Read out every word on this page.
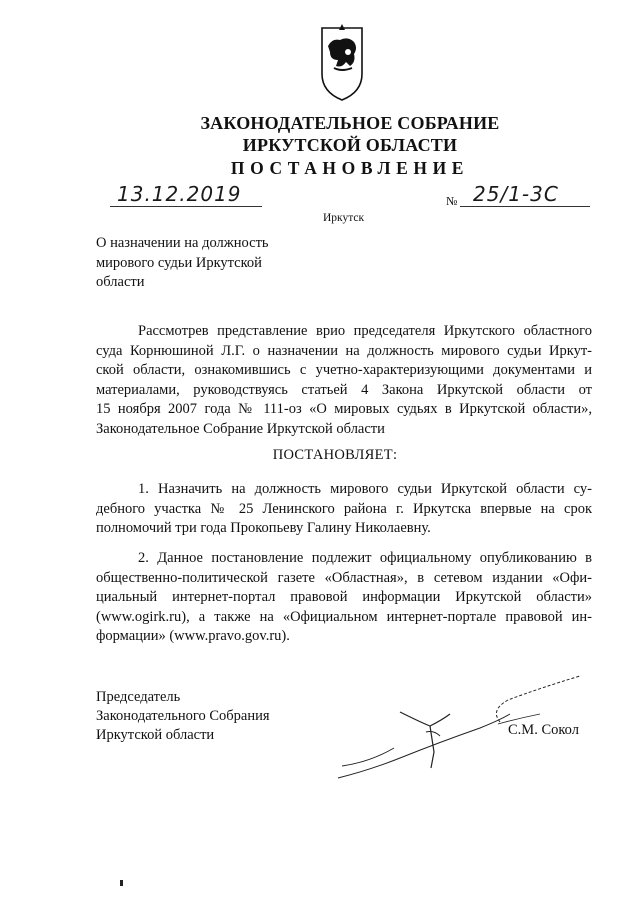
ЗАКОНОДАТЕЛЬНОЕ СОБРАНИЕ
ИРКУТСКОЙ ОБЛАСТИ
ПОСТАНОВЛЕНИЕ
13.12.2019	№ 25/1-3С
Иркутск
О назначении на должность
мирового судьи Иркутской
области
Рассмотрев представление врио председателя Иркутского областного
суда Корнюшиной Л.Г. о назначении на должность мирового судьи Иркут-
ской области, ознакомившись с учетно-характеризующими документами и
материалами, руководствуясь статьей 4 Закона Иркутской области от
15 ноября 2007 года № 111-оз «О мировых судьях в Иркутской области»,
Законодательное Собрание Иркутской области
ПОСТАНОВЛЯЕТ:
1. Назначить на должность мирового судьи Иркутской области су-
дебного участка № 25 Ленинского района г. Иркутска впервые на срок
полномочий три года Прокопьеву Галину Николаевну.
2. Данное постановление подлежит официальному опубликованию в
общественно-политической газете «Областная», в сетевом издании «Офи-
циальный интернет-портал правовой информации Иркутской области»
(www.ogirk.ru), а также на «Официальном интернет-портале правовой ин-
формации» (www.pravo.gov.ru).
Председатель
Законодательного Собрания
Иркутской области	С.М. Сокол
